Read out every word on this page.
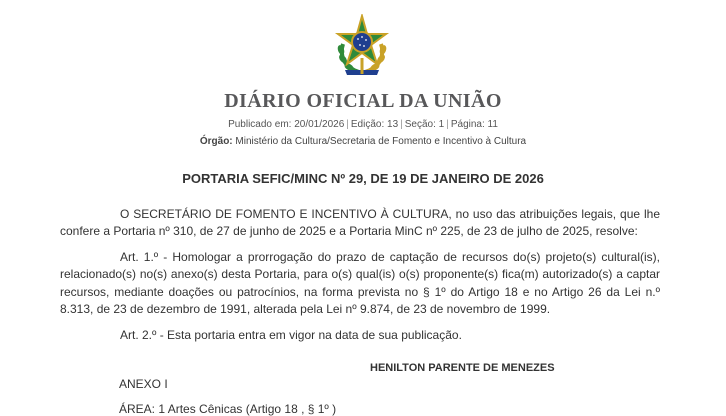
DIÁRIO OFICIAL DA UNIÃO
Publicado em: 20/01/2026 | Edição: 13 | Seção: 1 | Página: 11
Órgão: Ministério da Cultura/Secretaria de Fomento e Incentivo à Cultura
PORTARIA SEFIC/MINC Nº 29, DE 19 DE JANEIRO DE 2026

O SECRETÁRIO DE FOMENTO E INCENTIVO À CULTURA, no uso das atribuições legais, que lhe confere a Portaria nº 310, de 27 de junho de 2025 e a Portaria MinC nº 225, de 23 de julho de 2025, resolve:

Art. 1.º - Homologar a prorrogação do prazo de captação de recursos do(s) projeto(s) cultural(is), relacionado(s) no(s) anexo(s) desta Portaria, para o(s) qual(is) o(s) proponente(s) fica(m) autorizado(s) a captar recursos, mediante doações ou patrocínios, na forma prevista no § 1º do Artigo 18 e no Artigo 26 da Lei n.º 8.313, de 23 de dezembro de 1991, alterada pela Lei nº 9.874, de 23 de novembro de 1999.

Art. 2.º - Esta portaria entra em vigor na data de sua publicação.

HENILTON PARENTE DE MENEZES
ANEXO I
ÁREA: 1 Artes Cênicas (Artigo 18 , § 1º )
